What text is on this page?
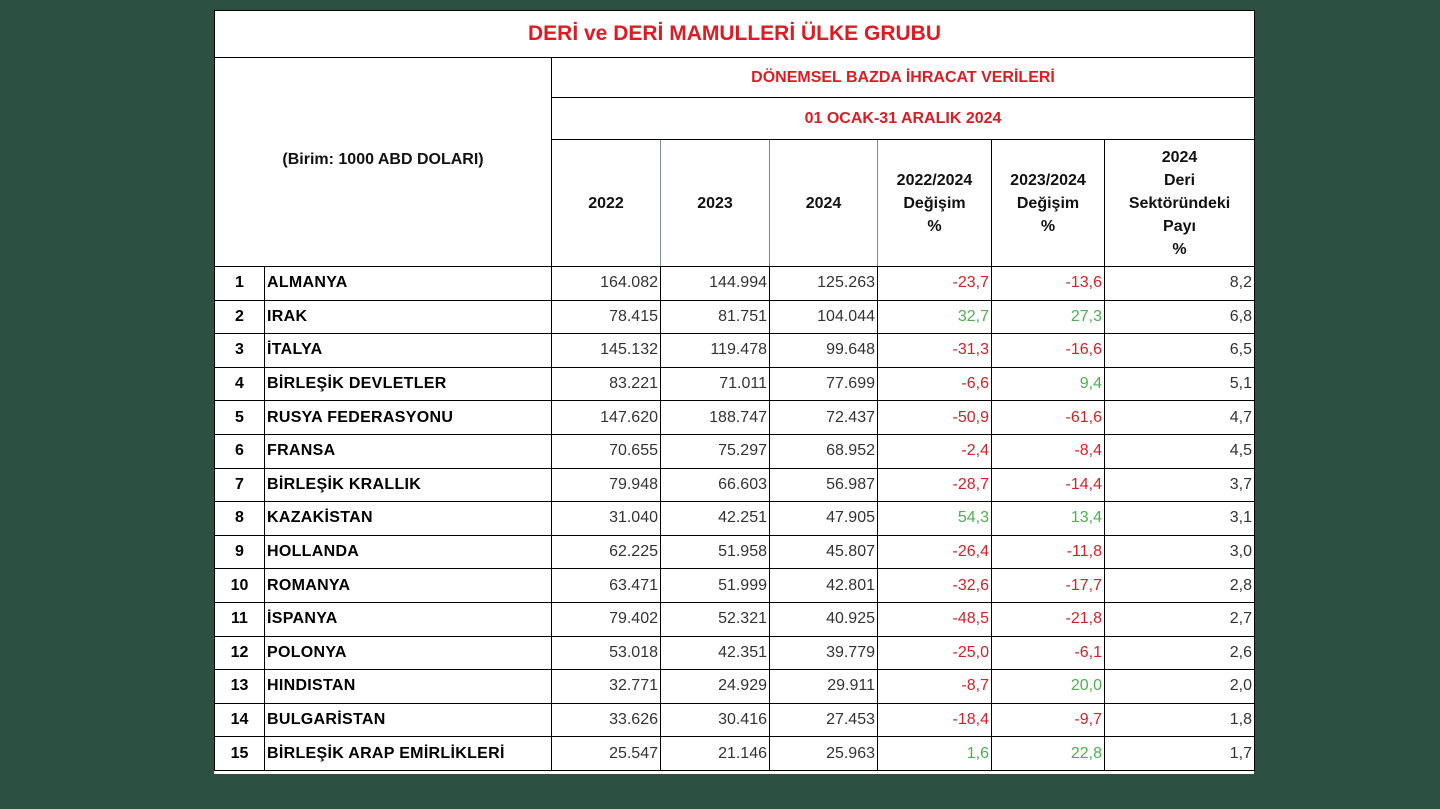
DERİ ve DERİ MAMULLERİ ÜLKE GRUBU							
(Birim: 1000 ABD DOLARI)		DÖNEMSEL BAZDA İHRACAT VERİLERİ					
		01 OCAK-31 ARALIK 2024					
		2022	2023	2024	2022/2024
Değişim
%	2023/2024
Değişim
%	2024
Deri
Sektöründeki
Payı
%
1	ALMANYA	164.082	144.994	125.263	-23,7	-13,6	8,2
2	IRAK	78.415	81.751	104.044	32,7	27,3	6,8
3	İTALYA	145.132	119.478	99.648	-31,3	-16,6	6,5
4	BİRLEŞİK DEVLETLER	83.221	71.011	77.699	-6,6	9,4	5,1
5	RUSYA FEDERASYONU	147.620	188.747	72.437	-50,9	-61,6	4,7
6	FRANSA	70.655	75.297	68.952	-2,4	-8,4	4,5
7	BİRLEŞİK KRALLIK	79.948	66.603	56.987	-28,7	-14,4	3,7
8	KAZAKİSTAN	31.040	42.251	47.905	54,3	13,4	3,1
9	HOLLANDA	62.225	51.958	45.807	-26,4	-11,8	3,0
10	ROMANYA	63.471	51.999	42.801	-32,6	-17,7	2,8
11	İSPANYA	79.402	52.321	40.925	-48,5	-21,8	2,7
12	POLONYA	53.018	42.351	39.779	-25,0	-6,1	2,6
13	HINDISTAN	32.771	24.929	29.911	-8,7	20,0	2,0
14	BULGARİSTAN	33.626	30.416	27.453	-18,4	-9,7	1,8
15	BİRLEŞİK ARAP EMİRLİKLERİ	25.547	21.146	25.963	1,6	22,8	1,7
